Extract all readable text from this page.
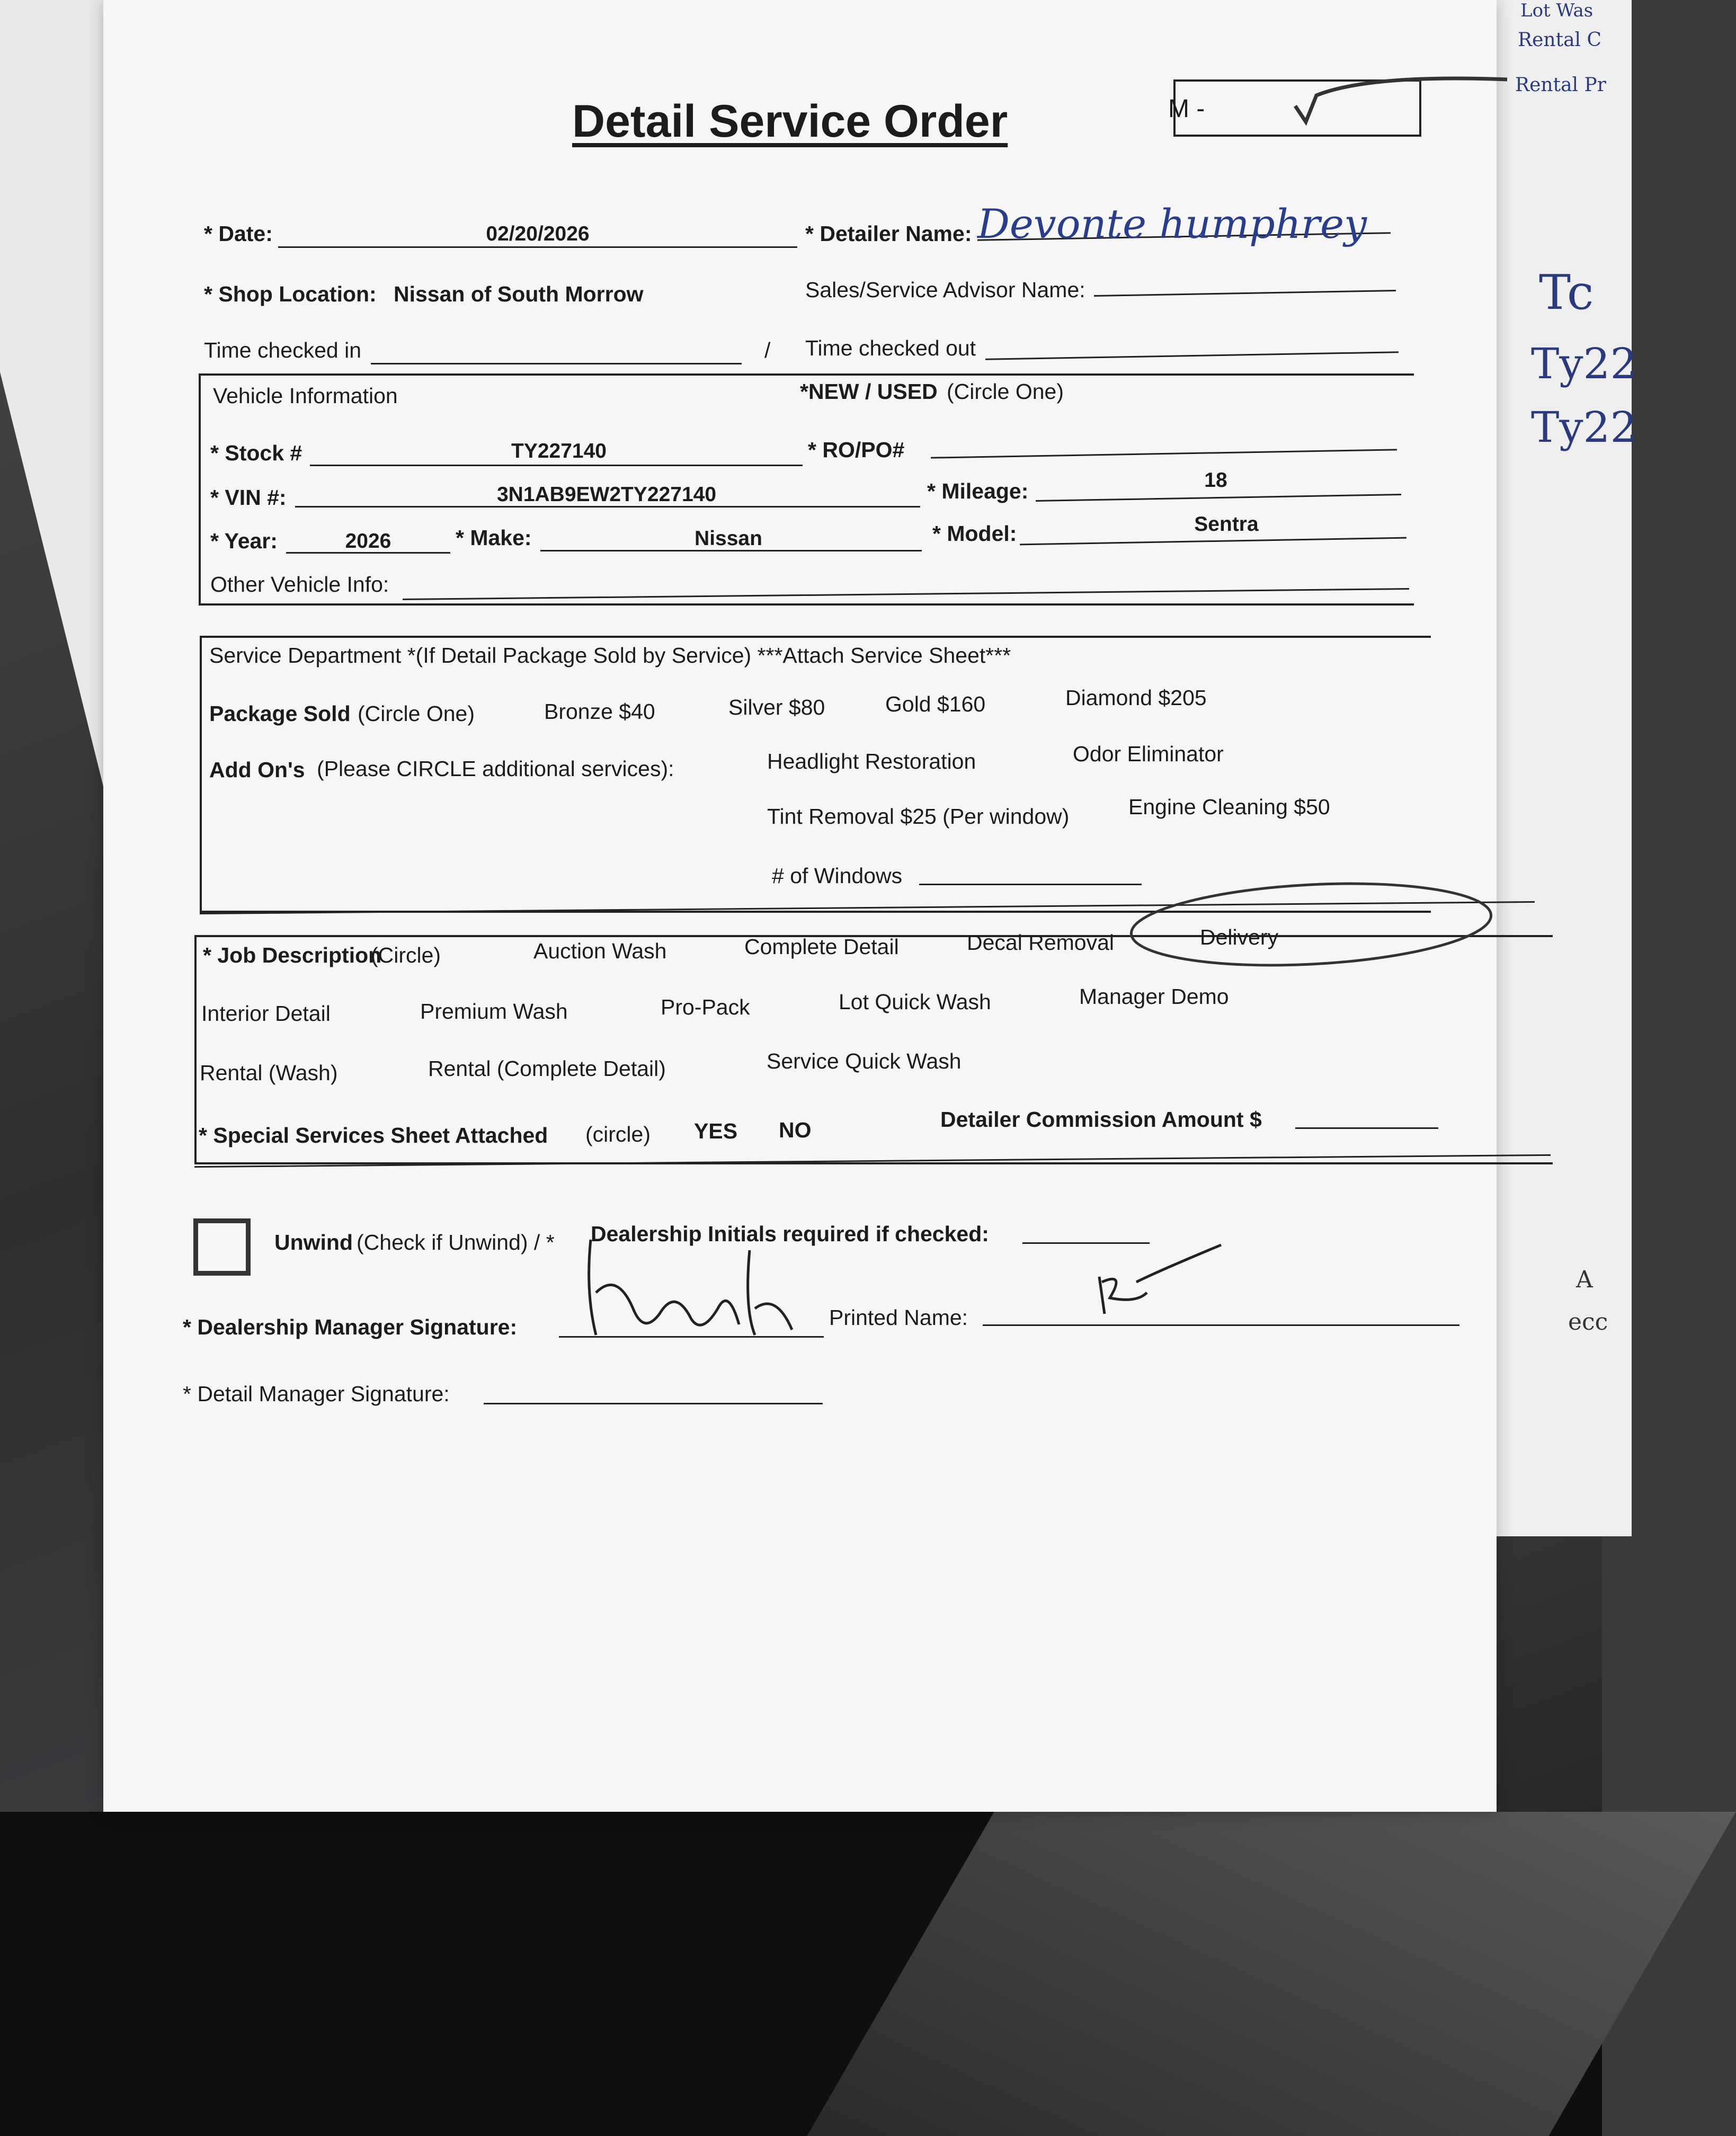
Lot Was
Rental C
Rental Pr
Tc
Ty22
Ty22
A
ecc
Detail Service Order	M -
* Date:	02/20/2026	* Detailer Name: Devonte humphrey
* Shop Location: Nissan of South Morrow	Sales/Service Advisor Name:
Time checked in	/ Time checked out
Vehicle Information	*NEW / USED (Circle One)
* Stock #	TY227140	* RO/PO#
* VIN #:	3N1AB9EW2TY227140	* Mileage:	18
* Year:	2026	* Make:	Nissan	* Model:	Sentra
Other Vehicle Info:
Service Department *(If Detail Package Sold by Service) ***Attach Service Sheet***
Package Sold (Circle One)	Bronze $40	Silver $80	Gold $160	Diamond $205
Add On's (Please CIRCLE additional services):	Headlight Restoration	Odor Eliminator
Tint Removal $25 (Per window)	Engine Cleaning $50
# of Windows
* Job Description
(Circle)	Auction Wash	Complete Detail	Decal Removal	Delivery
Interior Detail	Premium Wash	Pro-Pack	Lot Quick Wash	Manager Demo
Rental (Wash)	Rental (Complete Detail)	Service Quick Wash
* Special Services Sheet Attached (circle) YES NO	Detailer Commission Amount $
Unwind (Check if Unwind) / * Dealership Initials required if checked:
* Dealership Manager Signature:	Printed Name:
* Detail Manager Signature:
